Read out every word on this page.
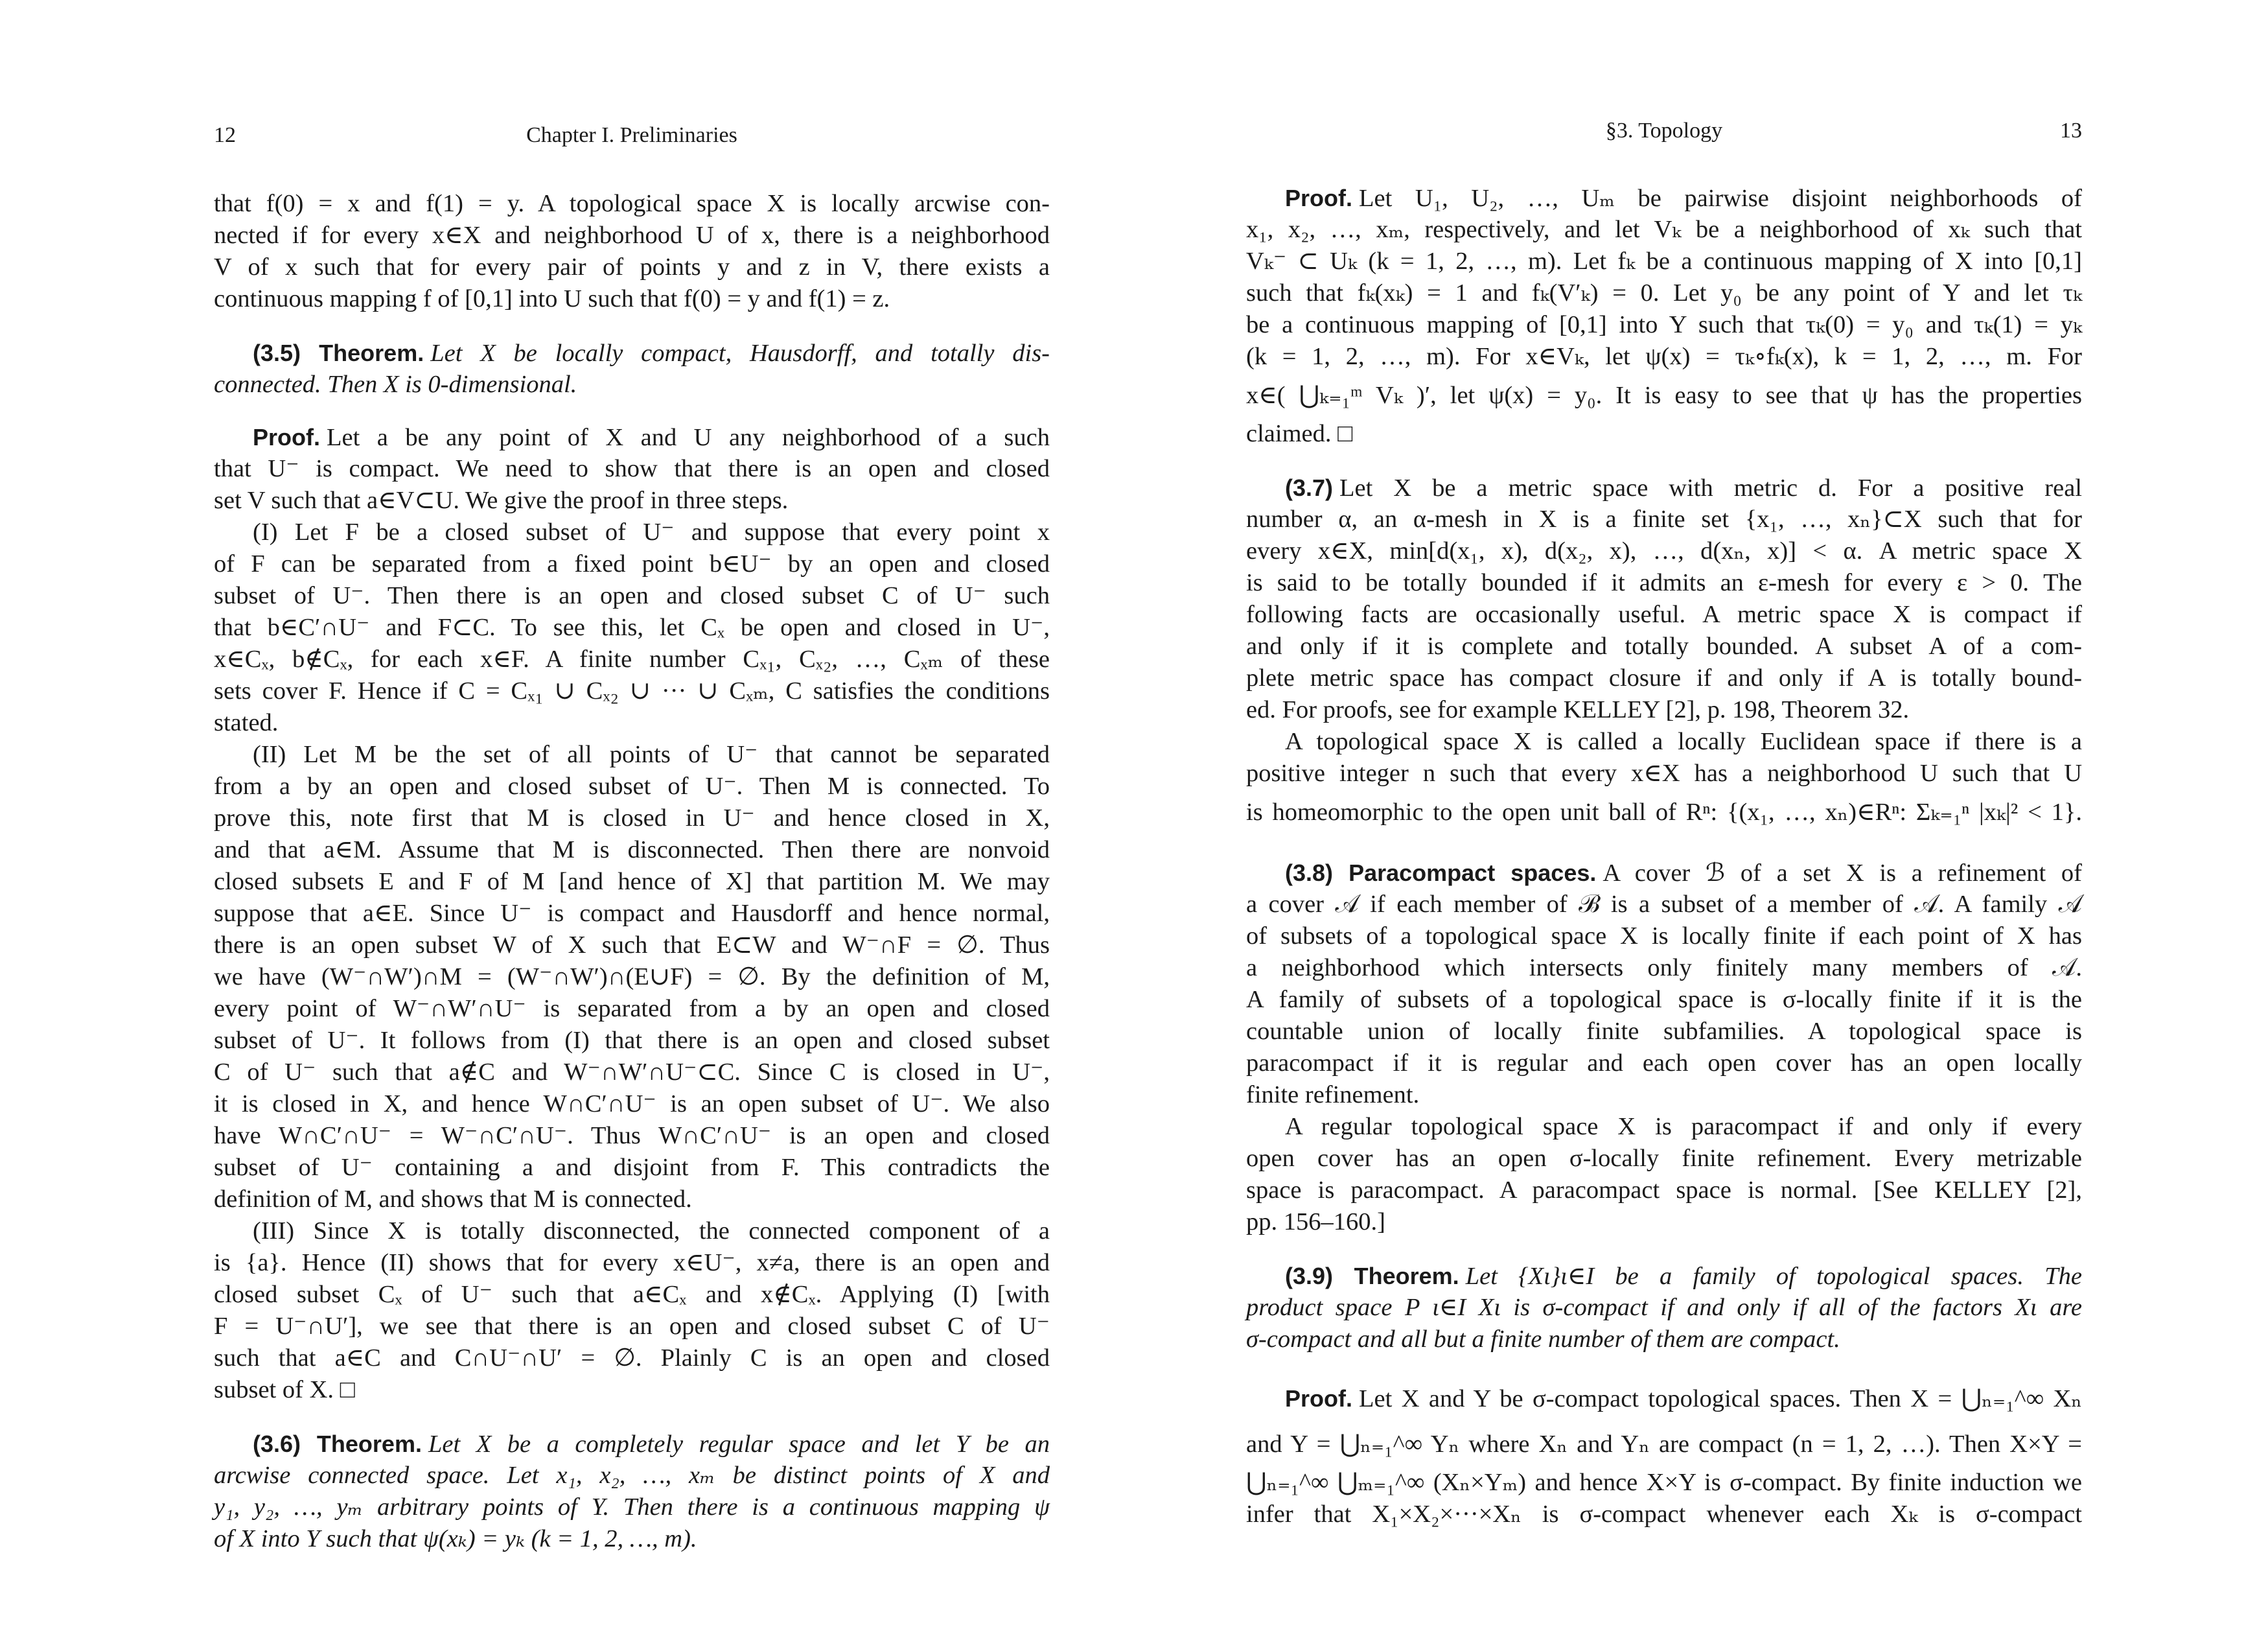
12	Chapter I. Preliminaries
that f(0) = x and f(1) = y. A topological space X is locally arcwise con-
nected if for every x∈X and neighborhood U of x, there is a neighborhood
V of x such that for every pair of points y and z in V, there exists a
continuous mapping f of [0,1] into U such that f(0) = y and f(1) = z.
(3.5) Theorem. Let X be locally compact, Hausdorff, and totally dis-
connected. Then X is 0-dimensional.
Proof. Let a be any point of X and U any neighborhood of a such
that U⁻ is compact. We need to show that there is an open and closed
set V such that a∈V⊂U. We give the proof in three steps.
(I) Let F be a closed subset of U⁻ and suppose that every point x
of F can be separated from a fixed point b∈U⁻ by an open and closed
subset of U⁻. Then there is an open and closed subset C of U⁻ such
that b∈C′∩U⁻ and F⊂C. To see this, let Cₓ be open and closed in U⁻,
x∈Cₓ, b∉Cₓ, for each x∈F. A finite number Cₓ₁, Cₓ₂, …, Cₓₘ of these
sets cover F. Hence if C = Cₓ₁ ∪ Cₓ₂ ∪ ··· ∪ Cₓₘ, C satisfies the conditions
stated.
(II) Let M be the set of all points of U⁻ that cannot be separated
from a by an open and closed subset of U⁻. Then M is connected. To
prove this, note first that M is closed in U⁻ and hence closed in X,
and that a∈M. Assume that M is disconnected. Then there are nonvoid
closed subsets E and F of M [and hence of X] that partition M. We may
suppose that a∈E. Since U⁻ is compact and Hausdorff and hence normal,
there is an open subset W of X such that E⊂W and W⁻∩F = ∅. Thus
we have (W⁻∩W′)∩M = (W⁻∩W′)∩(E∪F) = ∅. By the definition of M,
every point of W⁻∩W′∩U⁻ is separated from a by an open and closed
subset of U⁻. It follows from (I) that there is an open and closed subset
C of U⁻ such that a∉C and W⁻∩W′∩U⁻⊂C. Since C is closed in U⁻,
it is closed in X, and hence W∩C′∩U⁻ is an open subset of U⁻. We also
have W∩C′∩U⁻ = W⁻∩C′∩U⁻. Thus W∩C′∩U⁻ is an open and closed
subset of U⁻ containing a and disjoint from F. This contradicts the
definition of M, and shows that M is connected.
(III) Since X is totally disconnected, the connected component of a
is {a}. Hence (II) shows that for every x∈U⁻, x≠a, there is an open and
closed subset Cₓ of U⁻ such that a∈Cₓ and x∉Cₓ. Applying (I) [with
F = U⁻∩U′], we see that there is an open and closed subset C of U⁻
such that a∈C and C∩U⁻∩U′ = ∅. Plainly C is an open and closed
subset of X. □
(3.6) Theorem. Let X be a completely regular space and let Y be an
arcwise connected space. Let x₁, x₂, …, xₘ be distinct points of X and
y₁, y₂, …, yₘ arbitrary points of Y. Then there is a continuous mapping ψ
of X into Y such that ψ(xₖ) = yₖ (k = 1, 2, …, m).
§3. Topology	13
Proof. Let U₁, U₂, …, Uₘ be pairwise disjoint neighborhoods of
x₁, x₂, …, xₘ, respectively, and let Vₖ be a neighborhood of xₖ such that
Vₖ⁻ ⊂ Uₖ (k = 1, 2, …, m). Let fₖ be a continuous mapping of X into [0,1]
such that fₖ(xₖ) = 1 and fₖ(V′ₖ) = 0. Let y₀ be any point of Y and let τₖ
be a continuous mapping of [0,1] into Y such that τₖ(0) = y₀ and τₖ(1) = yₖ
(k = 1, 2, …, m). For x∈Vₖ, let ψ(x) = τₖ∘fₖ(x), k = 1, 2, …, m. For
x∈( ⋃ₖ₌₁ᵐ Vₖ )′, let ψ(x) = y₀. It is easy to see that ψ has the properties
claimed. □
(3.7) Let X be a metric space with metric d. For a positive real
number α, an α-mesh in X is a finite set {x₁, …, xₙ}⊂X such that for
every x∈X, min[d(x₁, x), d(x₂, x), …, d(xₙ, x)] < α. A metric space X
is said to be totally bounded if it admits an ε-mesh for every ε > 0. The
following facts are occasionally useful. A metric space X is compact if
and only if it is complete and totally bounded. A subset A of a com-
plete metric space has compact closure if and only if A is totally bound-
ed. For proofs, see for example KELLEY [2], p. 198, Theorem 32.
A topological space X is called a locally Euclidean space if there is a
positive integer n such that every x∈X has a neighborhood U such that U
is homeomorphic to the open unit ball of Rⁿ: {(x₁, …, xₙ)∈Rⁿ: Σₖ₌₁ⁿ |xₖ|² < 1}.
(3.8) Paracompact spaces. A cover ℬ of a set X is a refinement of
a cover 𝒜 if each member of ℬ is a subset of a member of 𝒜. A family 𝒜
of subsets of a topological space X is locally finite if each point of X has
a neighborhood which intersects only finitely many members of 𝒜.
A family of subsets of a topological space is σ-locally finite if it is the
countable union of locally finite subfamilies. A topological space is
paracompact if it is regular and each open cover has an open locally
finite refinement.
A regular topological space X is paracompact if and only if every
open cover has an open σ-locally finite refinement. Every metrizable
space is paracompact. A paracompact space is normal. [See KELLEY [2],
pp. 156–160.]
(3.9) Theorem. Let {Xι}ι∈I be a family of topological spaces. The
product space P ι∈I Xι is σ-compact if and only if all of the factors Xι are
σ-compact and all but a finite number of them are compact.
Proof. Let X and Y be σ-compact topological spaces. Then X = ⋃ₙ₌₁^∞ Xₙ
and Y = ⋃ₙ₌₁^∞ Yₙ where Xₙ and Yₙ are compact (n = 1, 2, …). Then X×Y =
⋃ₙ₌₁^∞ ⋃ₘ₌₁^∞ (Xₙ×Yₘ) and hence X×Y is σ-compact. By finite induction we
infer that X₁×X₂×···×Xₙ is σ-compact whenever each Xₖ is σ-compact
